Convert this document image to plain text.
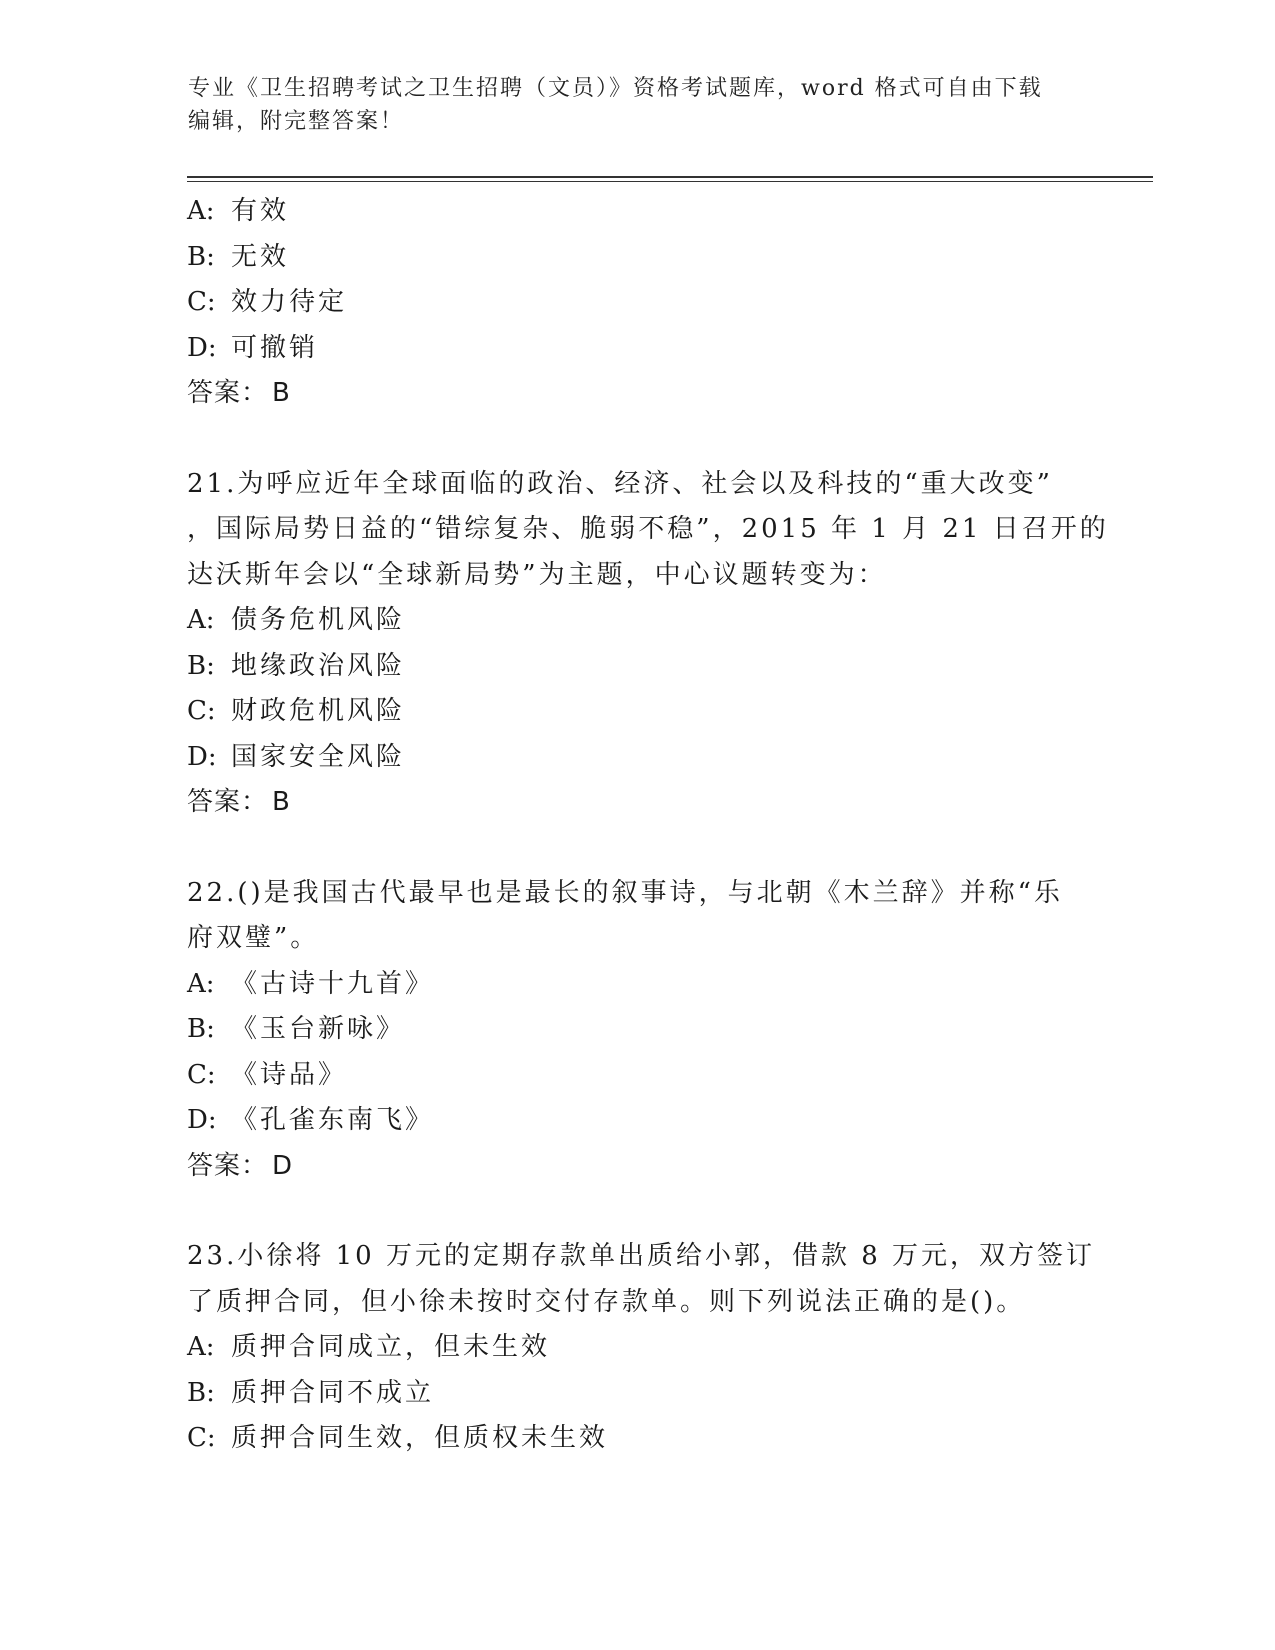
专业《卫生招聘考试之卫生招聘（文员）》资格考试题库，word 格式可自由下载
编辑，附完整答案！
A: 有效
B: 无效
C: 效力待定
D: 可撤销
答案： B
21.为呼应近年全球面临的政治、经济、社会以及科技的“重大改变”
，国际局势日益的“错综复杂、脆弱不稳”，2015 年 1 月 21 日召开的
达沃斯年会以“全球新局势”为主题，中心议题转变为：
A: 债务危机风险
B: 地缘政治风险
C: 财政危机风险
D: 国家安全风险
答案： B
22.()是我国古代最早也是最长的叙事诗，与北朝《木兰辞》并称“乐
府双璧”。
A: 《古诗十九首》
B: 《玉台新咏》
C: 《诗品》
D: 《孔雀东南飞》
答案： D
23.小徐将 10 万元的定期存款单出质给小郭，借款 8 万元，双方签订
了质押合同，但小徐未按时交付存款单。则下列说法正确的是()。
A: 质押合同成立，但未生效
B: 质押合同不成立
C: 质押合同生效，但质权未生效
